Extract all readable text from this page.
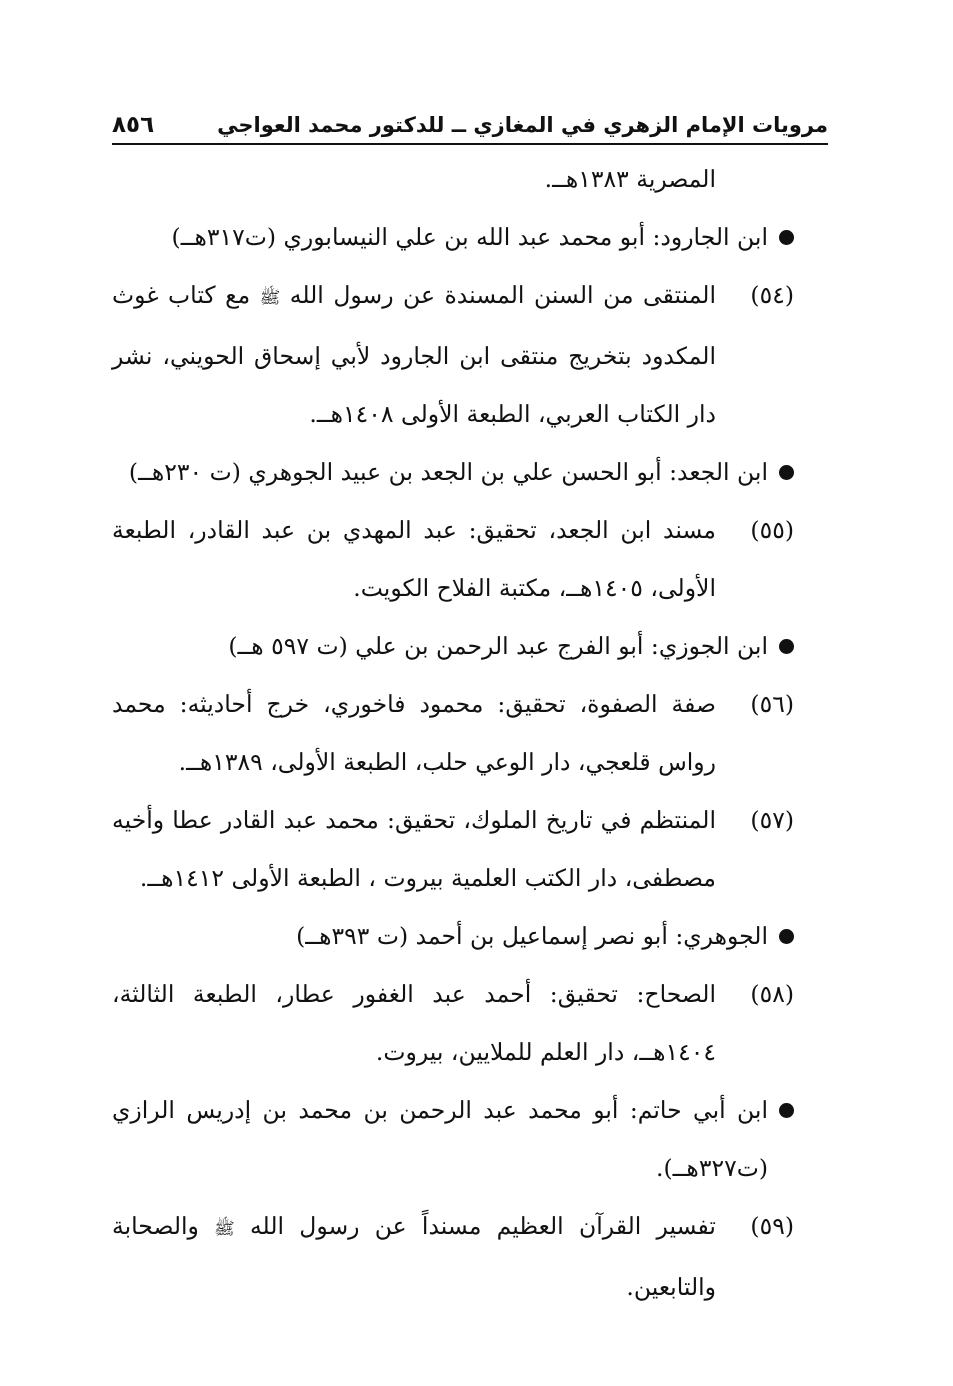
مرويات الإمام الزهري في المغازي ــ للدكتور محمد العواجي
٨٥٦
المصرية ١٣٨٣هــ.
ابن الجارود: أبو محمد عبد الله بن علي النيسابوري (ت٣١٧هــ)
(٥٤)
المنتقى من السنن المسندة عن رسول الله ﷺ مع كتاب غوث المكدود بتخريج منتقى ابن الجارود لأبي إسحاق الحويني، نشر دار الكتاب العربي، الطبعة الأولى ١٤٠٨هــ.
ابن الجعد: أبو الحسن علي بن الجعد بن عبيد الجوهري (ت ٢٣٠هــ)
(٥٥)
مسند ابن الجعد، تحقيق: عبد المهدي بن عبد القادر، الطبعة الأولى، ١٤٠٥هــ، مكتبة الفلاح الكويت.
ابن الجوزي: أبو الفرج عبد الرحمن بن علي (ت ٥٩٧ هــ)
(٥٦)
صفة الصفوة، تحقيق: محمود فاخوري، خرج أحاديثه: محمد رواس قلعجي، دار الوعي حلب، الطبعة الأولى، ١٣٨٩هــ.
(٥٧)
المنتظم في تاريخ الملوك، تحقيق: محمد عبد القادر عطا وأخيه مصطفى، دار الكتب العلمية بيروت ، الطبعة الأولى ١٤١٢هــ.
الجوهري: أبو نصر إسماعيل بن أحمد (ت ٣٩٣هــ)
(٥٨)
الصحاح: تحقيق: أحمد عبد الغفور عطار، الطبعة الثالثة، ١٤٠٤هــ، دار العلم للملايين، بيروت.
ابن أبي حاتم: أبو محمد عبد الرحمن بن محمد بن إدريس الرازي (ت٣٢٧هــ).
(٥٩)
تفسير القرآن العظيم مسنداً عن رسول الله ﷺ والصحابة والتابعين.
